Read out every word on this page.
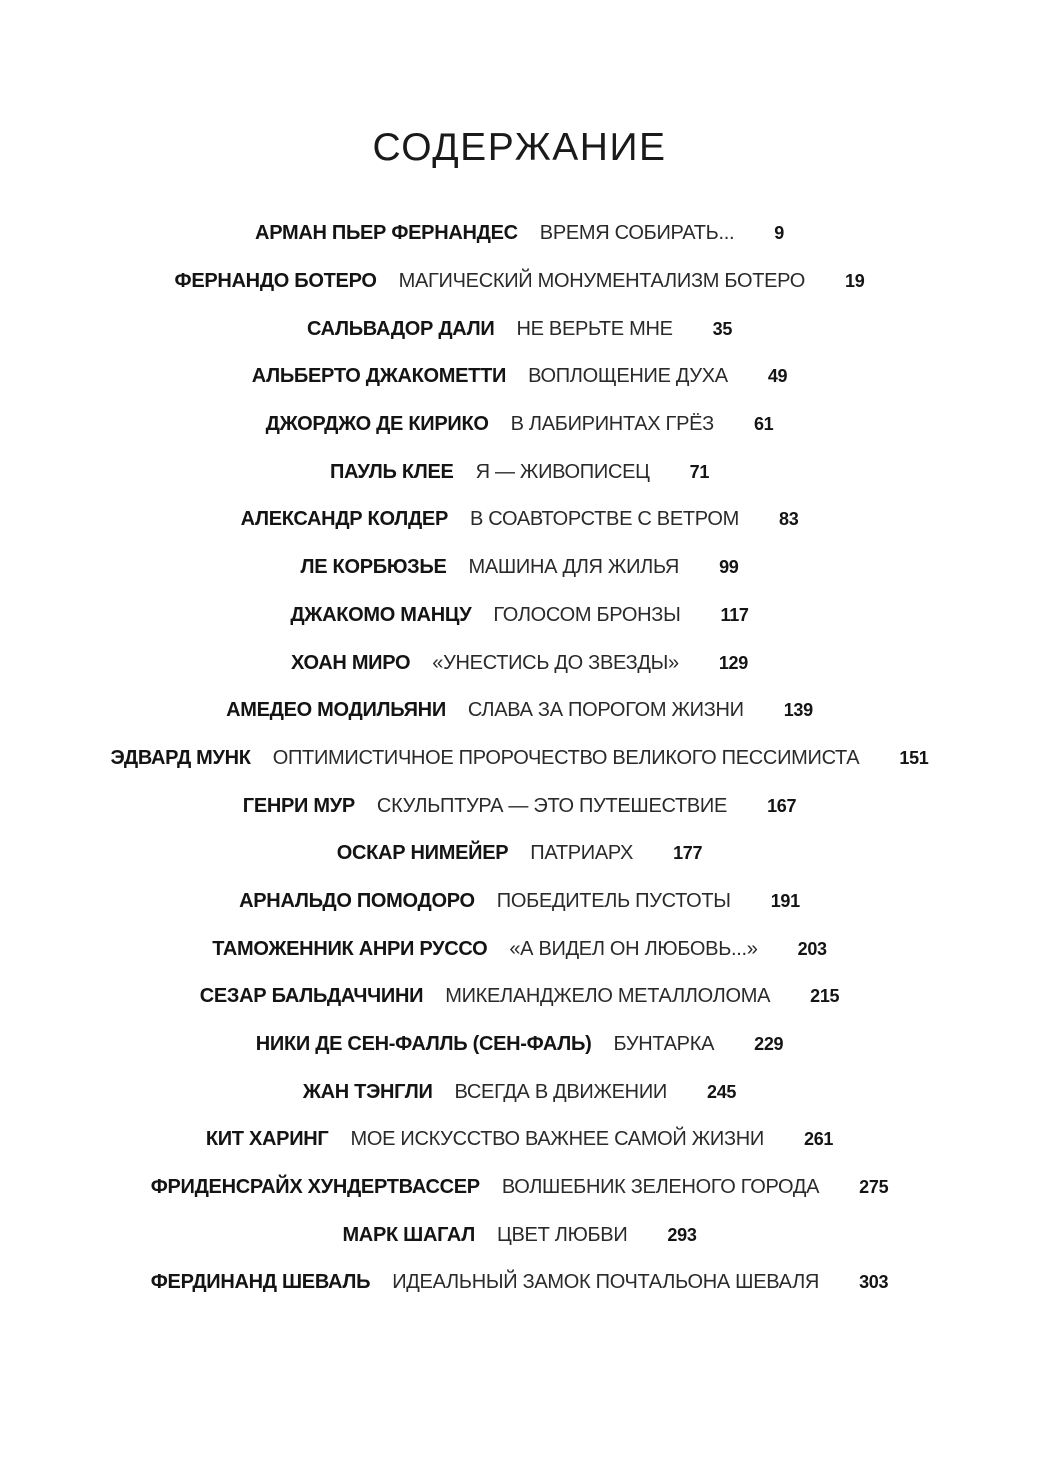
СОДЕРЖАНИЕ
АРМАН ПЬЕР ФЕРНАНДЕС ВРЕМЯ СОБИРАТЬ... 9
ФЕРНАНДО БОТЕРО МАГИЧЕСКИЙ МОНУМЕНТАЛИЗМ БОТЕРО 19
САЛЬВАДОР ДАЛИ НЕ ВЕРЬТЕ МНЕ 35
АЛЬБЕРТО ДЖАКОМЕТТИ ВОПЛОЩЕНИЕ ДУХА 49
ДЖОРДЖО ДЕ КИРИКО В ЛАБИРИНТАХ ГРЁЗ 61
ПАУЛЬ КЛЕЕ Я — ЖИВОПИСЕЦ 71
АЛЕКСАНДР КОЛДЕР В СОАВТОРСТВЕ С ВЕТРОМ 83
ЛЕ КОРБЮЗЬЕ МАШИНА ДЛЯ ЖИЛЬЯ 99
ДЖАКОМО МАНЦУ ГОЛОСОМ БРОНЗЫ 117
ХОАН МИРО «УНЕСТИСЬ ДО ЗВЕЗДЫ» 129
АМЕДЕО МОДИЛЬЯНИ СЛАВА ЗА ПОРОГОМ ЖИЗНИ 139
ЭДВАРД МУНК ОПТИМИСТИЧНОЕ ПРОРОЧЕСТВО ВЕЛИКОГО ПЕССИМИСТА 151
ГЕНРИ МУР СКУЛЬПТУРА — ЭТО ПУТЕШЕСТВИЕ 167
ОСКАР НИМЕЙЕР ПАТРИАРХ 177
АРНАЛЬДО ПОМОДОРО ПОБЕДИТЕЛЬ ПУСТОТЫ 191
ТАМОЖЕННИК АНРИ РУССО «А ВИДЕЛ ОН ЛЮБОВЬ...» 203
СЕЗАР БАЛЬДАЧЧИНИ МИКЕЛАНДЖЕЛО МЕТАЛЛОЛОМА 215
НИКИ ДЕ СЕН-ФАЛЛЬ (СЕН-ФАЛЬ) БУНТАРКА 229
ЖАН ТЭНГЛИ ВСЕГДА В ДВИЖЕНИИ 245
КИТ ХАРИНГ МОЕ ИСКУССТВО ВАЖНЕЕ САМОЙ ЖИЗНИ 261
ФРИДЕНСРАЙХ ХУНДЕРТВАССЕР ВОЛШЕБНИК ЗЕЛЕНОГО ГОРОДА 275
МАРК ШАГАЛ ЦВЕТ ЛЮБВИ 293
ФЕРДИНАНД ШЕВАЛЬ ИДЕАЛЬНЫЙ ЗАМОК ПОЧТАЛЬОНА ШЕВАЛЯ 303
